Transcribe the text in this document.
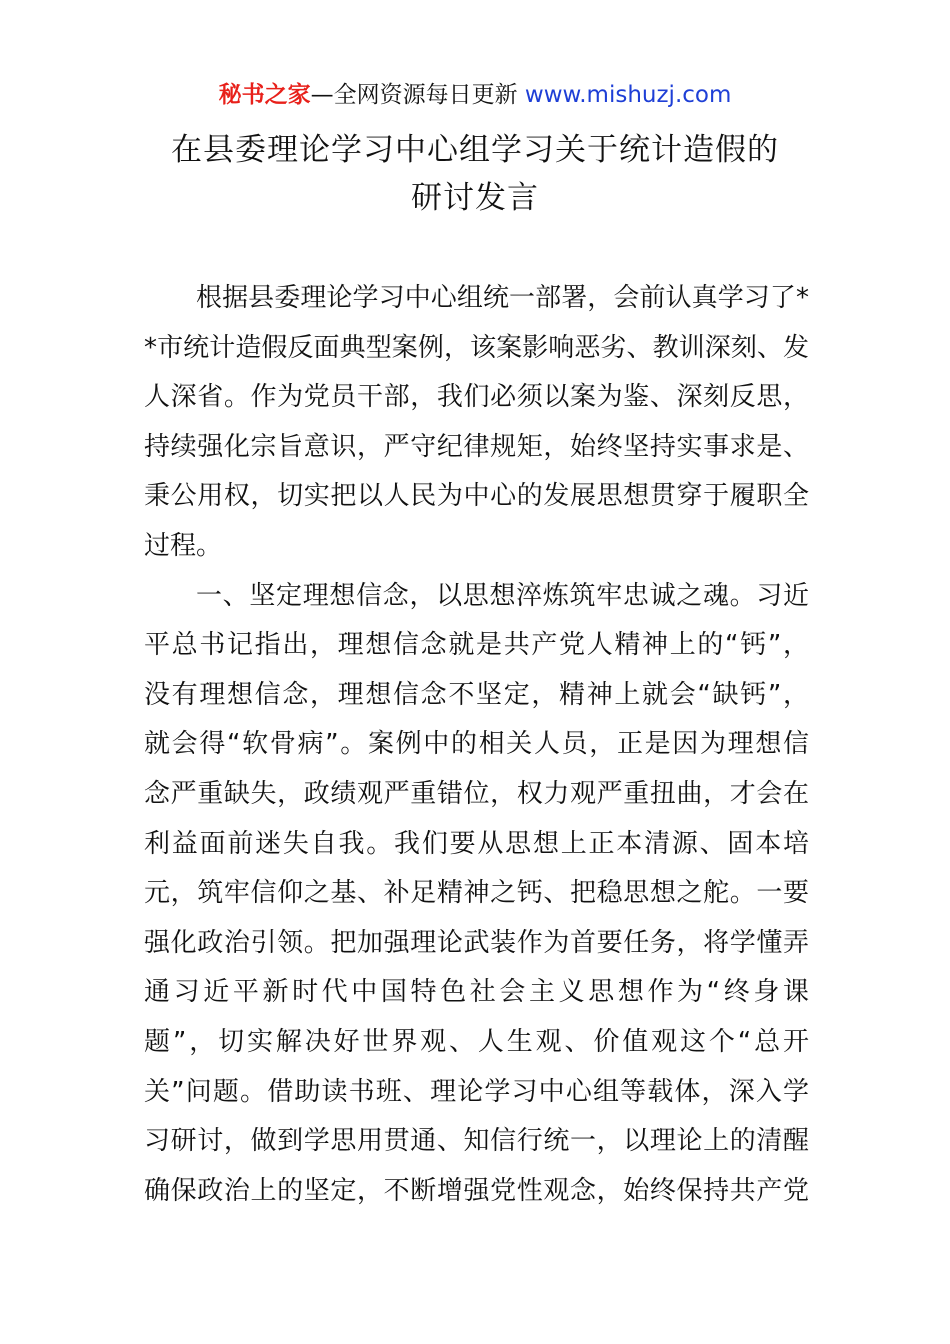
秘书之家—全网资源每日更新 www.mishuzj.com
在县委理论学习中心组学习关于统计造假的
研讨发言
根据县委理论学习中心组统一部署，会前认真学习了*
*市统计造假反面典型案例，该案影响恶劣、教训深刻、发
人深省。作为党员干部，我们必须以案为鉴、深刻反思，
持续强化宗旨意识，严守纪律规矩，始终坚持实事求是、
秉公用权，切实把以人民为中心的发展思想贯穿于履职全
过程。
一、坚定理想信念，以思想淬炼筑牢忠诚之魂。习近
平总书记指出，理想信念就是共产党人精神上的“钙”，
没有理想信念，理想信念不坚定，精神上就会“缺钙”，
就会得“软骨病”。案例中的相关人员，正是因为理想信
念严重缺失，政绩观严重错位，权力观严重扭曲，才会在
利益面前迷失自我。我们要从思想上正本清源、固本培
元，筑牢信仰之基、补足精神之钙、把稳思想之舵。一要
强化政治引领。把加强理论武装作为首要任务，将学懂弄
通习近平新时代中国特色社会主义思想作为“终身课
题”，切实解决好世界观、人生观、价值观这个“总开
关”问题。借助读书班、理论学习中心组等载体，深入学
习研讨，做到学思用贯通、知信行统一，以理论上的清醒
确保政治上的坚定，不断增强党性观念，始终保持共产党
